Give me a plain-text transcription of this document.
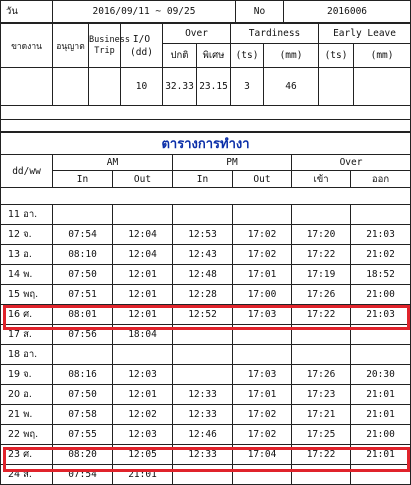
วัน	2016/09/11 ~ 09/25	No	2016006
ขาดงาน	อนุญาต	Business Trip	I/O (dd)	Over		Tardiness		Early Leave	
				ปกติ	พิเศษ	(ts)	(mm)	(ts)	(mm)
			10	32.33	23.15	3	46		

ตารางการทำงา						
dd/ww	AM		PM		Over	
	In	Out	In	Out	เข้า	ออก

11 อา.						
12 จ.	07:54	12:04	12:53	17:02	17:20	21:03
13 อ.	08:10	12:04	12:43	17:02	17:22	21:02
14 พ.	07:50	12:01	12:48	17:01	17:19	18:52
15 พฤ.	07:51	12:01	12:28	17:00	17:26	21:00
16 ศ.	08:01	12:01	12:52	17:03	17:22	21:03
17 ส.	07:56	18:04				
18 อา.						
19 จ.	08:16	12:03		17:03	17:26	20:30
20 อ.	07:50	12:01	12:33	17:01	17:23	21:01
21 พ.	07:58	12:02	12:33	17:02	17:21	21:01
22 พฤ.	07:55	12:03	12:46	17:02	17:25	21:00
23 ศ.	08:20	12:05	12:33	17:04	17:22	21:01
24 ส.	07:54	21:01				
